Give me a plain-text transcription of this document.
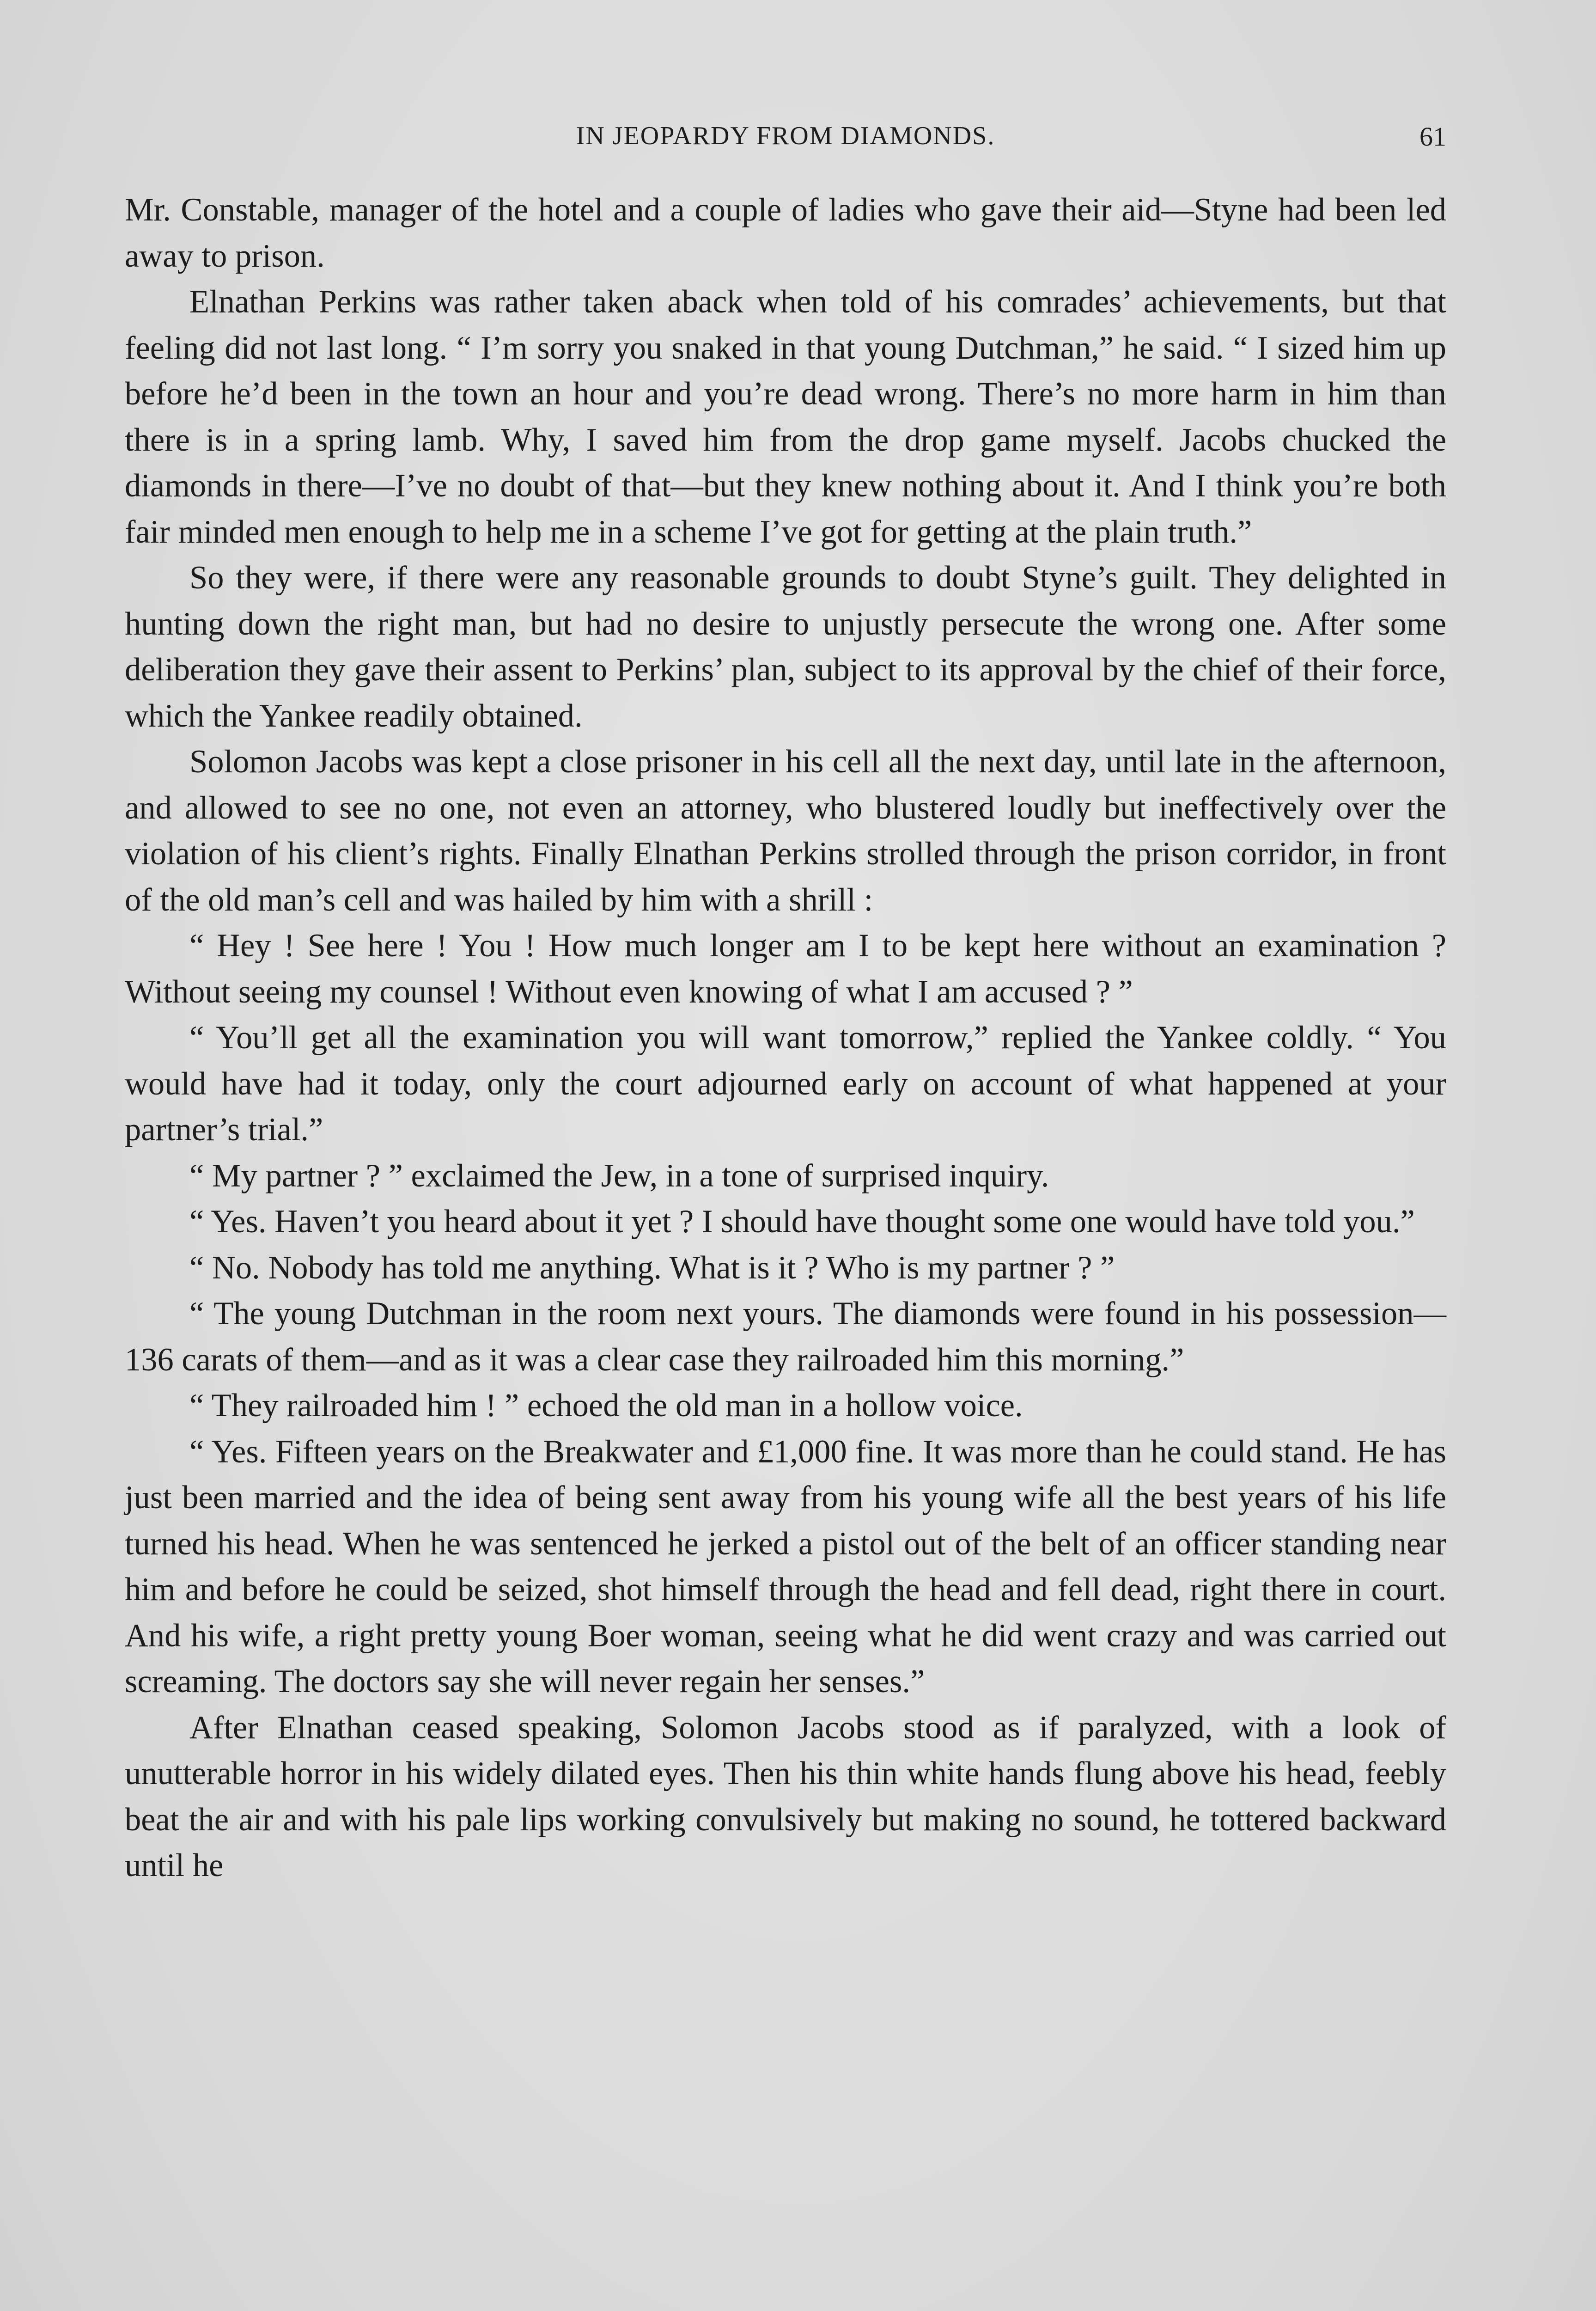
IN JEOPARDY FROM DIAMONDS.	61

Mr. Constable, manager of the hotel and a couple of ladies who gave their aid—Styne had been led away to prison.

Elnathan Perkins was rather taken aback when told of his comrades’ achievements, but that feeling did not last long. “ I’m sorry you snaked in that young Dutchman,” he said. “ I sized him up before he’d been in the town an hour and you’re dead wrong. There’s no more harm in him than there is in a spring lamb. Why, I saved him from the drop game myself. Jacobs chucked the diamonds in there—I’ve no doubt of that—but they knew nothing about it. And I think you’re both fair minded men enough to help me in a scheme I’ve got for getting at the plain truth.”

So they were, if there were any reasonable grounds to doubt Styne’s guilt. They delighted in hunting down the right man, but had no desire to unjustly persecute the wrong one. After some deliberation they gave their assent to Perkins’ plan, subject to its approval by the chief of their force, which the Yankee readily obtained.

Solomon Jacobs was kept a close prisoner in his cell all the next day, until late in the afternoon, and allowed to see no one, not even an attorney, who blustered loudly but ineffectively over the violation of his client’s rights. Finally Elnathan Perkins strolled through the prison corridor, in front of the old man’s cell and was hailed by him with a shrill :

“ Hey ! See here ! You ! How much longer am I to be kept here without an examination ? Without seeing my counsel ! Without even knowing of what I am accused ? ”

“ You’ll get all the examination you will want tomorrow,” replied the Yankee coldly. “ You would have had it today, only the court adjourned early on account of what happened at your partner’s trial.”

“ My partner ? ” exclaimed the Jew, in a tone of surprised inquiry.

“ Yes. Haven’t you heard about it yet ? I should have thought some one would have told you.”

“ No. Nobody has told me anything. What is it ? Who is my partner ? ”

“ The young Dutchman in the room next yours. The diamonds were found in his possession—136 carats of them—and as it was a clear case they railroaded him this morning.”

“ They railroaded him ! ” echoed the old man in a hollow voice.

“ Yes. Fifteen years on the Breakwater and £1,000 fine. It was more than he could stand. He has just been married and the idea of being sent away from his young wife all the best years of his life turned his head. When he was sentenced he jerked a pistol out of the belt of an officer standing near him and before he could be seized, shot himself through the head and fell dead, right there in court. And his wife, a right pretty young Boer woman, seeing what he did went crazy and was carried out screaming. The doctors say she will never regain her senses.”

After Elnathan ceased speaking, Solomon Jacobs stood as if paralyzed, with a look of unutterable horror in his widely dilated eyes. Then his thin white hands flung above his head, feebly beat the air and with his pale lips working convulsively but making no sound, he tottered backward until he
